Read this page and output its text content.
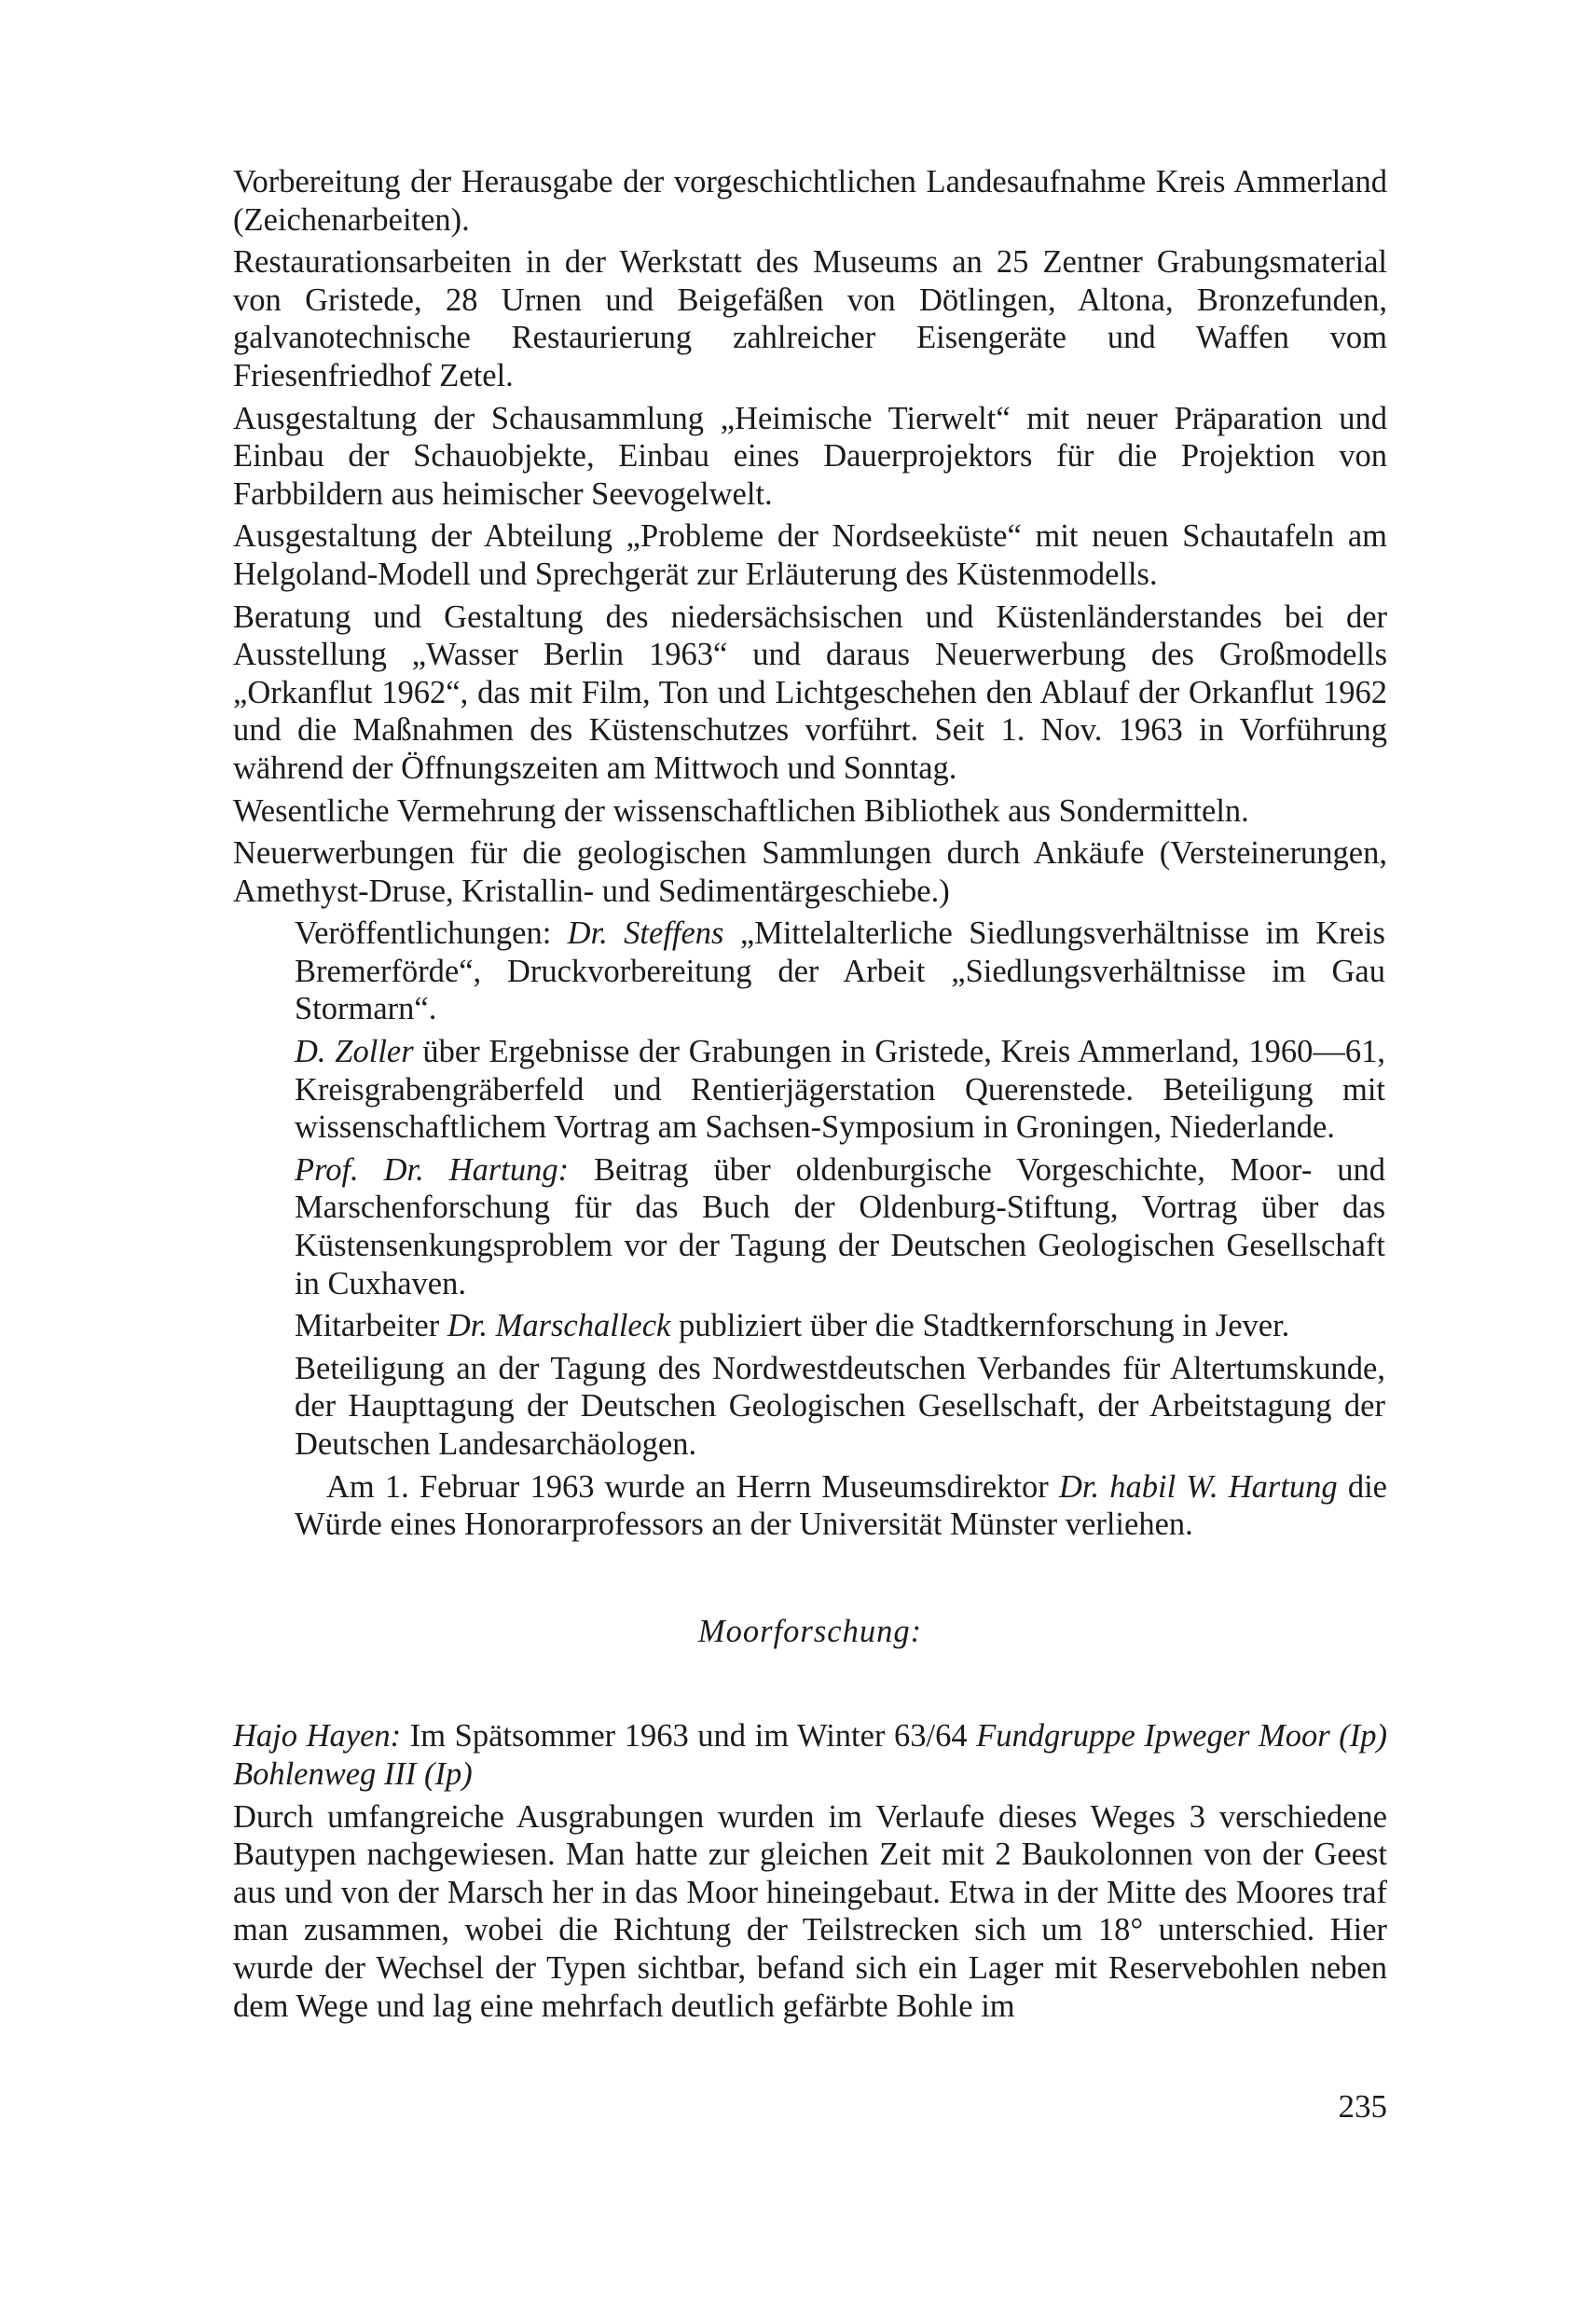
Vorbereitung der Herausgabe der vorgeschichtlichen Landesaufnahme Kreis Ammerland (Zeichenarbeiten).

Restaurationsarbeiten in der Werkstatt des Museums an 25 Zentner Grabungsmaterial von Gristede, 28 Urnen und Beigefäßen von Dötlingen, Altona, Bronzefunden, galvanotechnische Restaurierung zahlreicher Eisengeräte und Waffen vom Friesenfriedhof Zetel.

Ausgestaltung der Schausammlung „Heimische Tierwelt“ mit neuer Präparation und Einbau der Schauobjekte, Einbau eines Dauerprojektors für die Projektion von Farbbildern aus heimischer Seevogelwelt.

Ausgestaltung der Abteilung „Probleme der Nordseeküste“ mit neuen Schautafeln am Helgoland-Modell und Sprechgerät zur Erläuterung des Küstenmodells.

Beratung und Gestaltung des niedersächsischen und Küstenländerstandes bei der Ausstellung „Wasser Berlin 1963“ und daraus Neuerwerbung des Großmodells „Orkanflut 1962“, das mit Film, Ton und Lichtgeschehen den Ablauf der Orkanflut 1962 und die Maßnahmen des Küstenschutzes vorführt. Seit 1. Nov. 1963 in Vorführung während der Öffnungszeiten am Mittwoch und Sonntag.

Wesentliche Vermehrung der wissenschaftlichen Bibliothek aus Sondermitteln.

Neuerwerbungen für die geologischen Sammlungen durch Ankäufe (Versteinerungen, Amethyst-Druse, Kristallin- und Sedimentärgeschiebe.)

Veröffentlichungen: Dr. Steffens „Mittelalterliche Siedlungsverhältnisse im Kreis Bremerförde“, Druckvorbereitung der Arbeit „Siedlungsverhältnisse im Gau Stormarn“.

D. Zoller über Ergebnisse der Grabungen in Gristede, Kreis Ammerland, 1960—61, Kreisgrabengräberfeld und Rentierjägerstation Querenstede. Beteiligung mit wissenschaftlichem Vortrag am Sachsen-Symposium in Groningen, Niederlande.

Prof. Dr. Hartung: Beitrag über oldenburgische Vorgeschichte, Moor- und Marschenforschung für das Buch der Oldenburg-Stiftung, Vortrag über das Küstensenkungsproblem vor der Tagung der Deutschen Geologischen Gesellschaft in Cuxhaven.

Mitarbeiter Dr. Marschalleck publiziert über die Stadtkernforschung in Jever.

Beteiligung an der Tagung des Nordwestdeutschen Verbandes für Altertumskunde, der Haupttagung der Deutschen Geologischen Gesellschaft, der Arbeitstagung der Deutschen Landesarchäologen.

Am 1. Februar 1963 wurde an Herrn Museumsdirektor Dr. habil W. Hartung die Würde eines Honorarprofessors an der Universität Münster verliehen.

Moorforschung:

Hajo Hayen: Im Spätsommer 1963 und im Winter 63/64 Fundgruppe Ipweger Moor (Ip) Bohlenweg III (Ip)

Durch umfangreiche Ausgrabungen wurden im Verlaufe dieses Weges 3 verschiedene Bautypen nachgewiesen. Man hatte zur gleichen Zeit mit 2 Baukolonnen von der Geest aus und von der Marsch her in das Moor hineingebaut. Etwa in der Mitte des Moores traf man zusammen, wobei die Richtung der Teilstrecken sich um 18° unterschied. Hier wurde der Wechsel der Typen sichtbar, befand sich ein Lager mit Reservebohlen neben dem Wege und lag eine mehrfach deutlich gefärbte Bohle im

235
